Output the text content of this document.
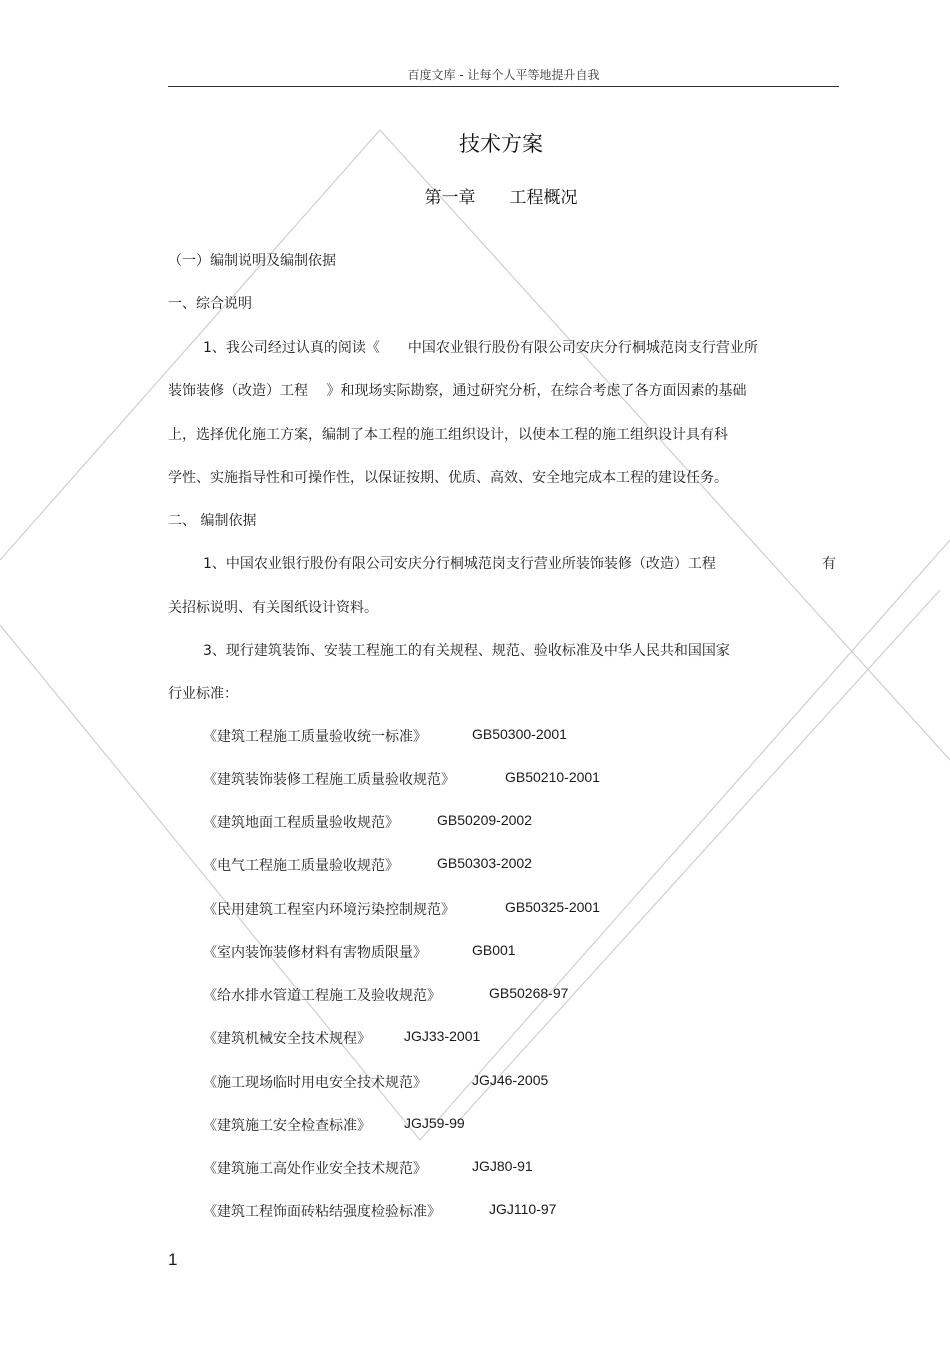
百度文库 - 让每个人平等地提升自我
技术方案
第一章 工程概况
（一）编制说明及编制依据
一、综合说明
1、我公司经过认真的阅读《　　中国农业银行股份有限公司安庆分行桐城范岗支行营业所
装饰装修（改造）工程　 》和现场实际勘察，通过研究分析，在综合考虑了各方面因素的基础
上，选择优化施工方案，编制了本工程的施工组织设计，以使本工程的施工组织设计具有科
学性、实施指导性和可操作性，以保证按期、优质、高效、安全地完成本工程的建设任务。
二、 编制依据
1、中国农业银行股份有限公司安庆分行桐城范岗支行营业所装饰装修（改造）工程	有
关招标说明、有关图纸设计资料。
3、现行建筑装饰、安装工程施工的有关规程、规范、验收标准及中华人民共和国国家
行业标准：
《建筑工程施工质量验收统一标准》	GB50300-2001
《建筑装饰装修工程施工质量验收规范》	GB50210-2001
《建筑地面工程质量验收规范》	GB50209-2002
《电气工程施工质量验收规范》	GB50303-2002
《民用建筑工程室内环境污染控制规范》	GB50325-2001
《室内装饰装修材料有害物质限量》	GB001
《给水排水管道工程施工及验收规范》	GB50268-97
《建筑机械安全技术规程》 JGJ33-2001
《施工现场临时用电安全技术规范》	JGJ46-2005
《建筑施工安全检查标准》 JGJ59-99
《建筑施工高处作业安全技术规范》	JGJ80-91
《建筑工程饰面砖粘结强度检验标准》	JGJ110-97
1
